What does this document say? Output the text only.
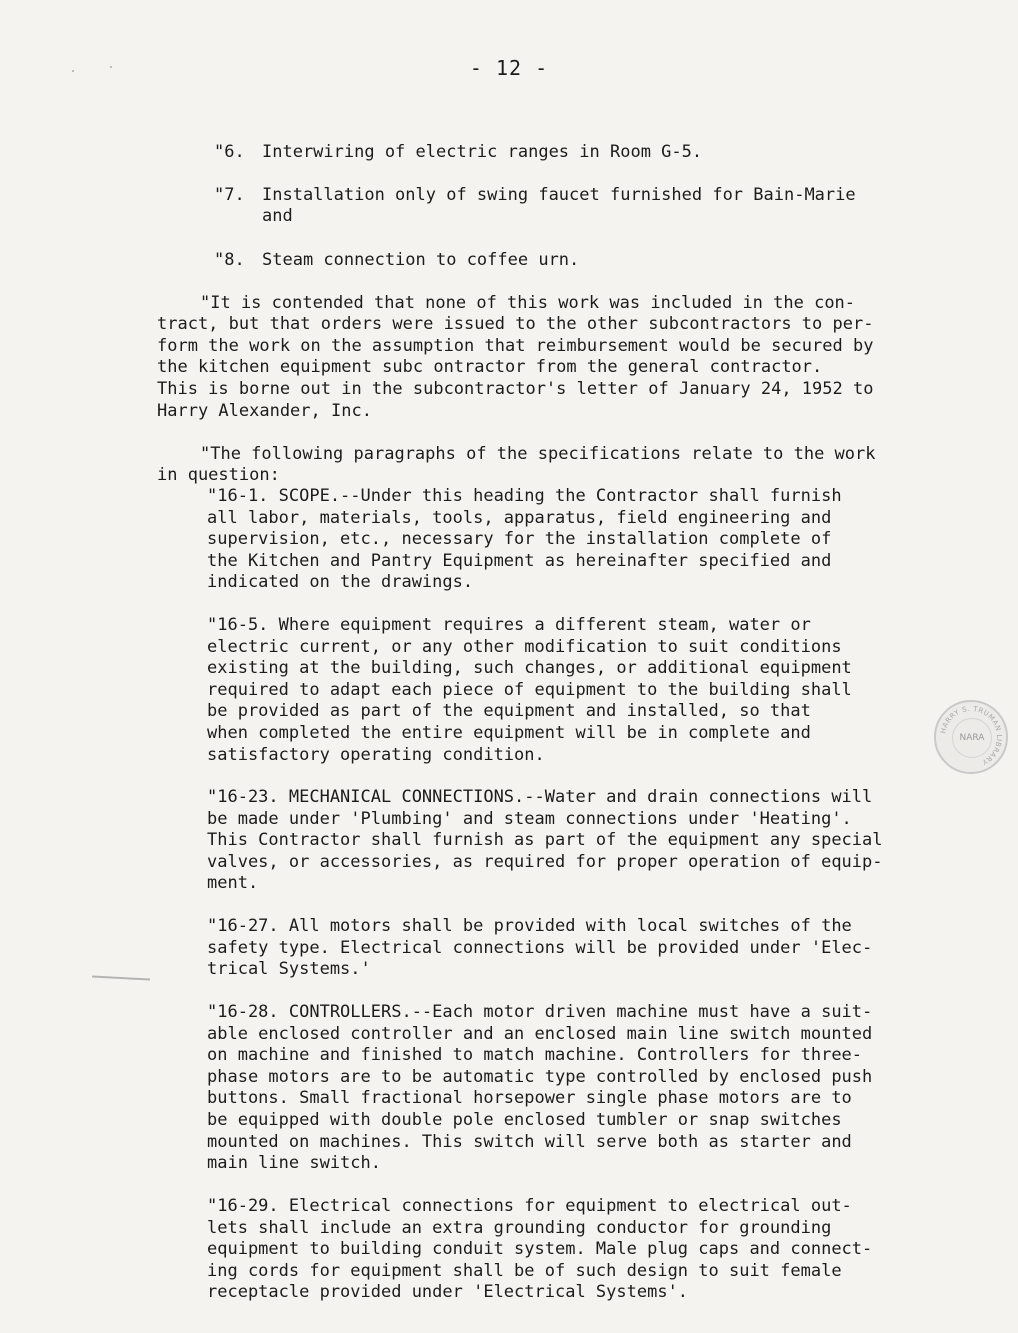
- 12 -

"6. Interwiring of electric ranges in Room G-5.

"7.	Installation only of swing faucet furnished for Bain-Marie
and

"8. Steam connection to coffee urn.

"It is contended that none of this work was included in the con-
tract, but that orders were issued to the other subcontractors to per-
form the work on the assumption that reimbursement would be secured by
the kitchen equipment subc ontractor from the general contractor.
This is borne out in the subcontractor's letter of January 24, 1952 to
Harry Alexander, Inc.

"The following paragraphs of the specifications relate to the work
in question:

"16-1. SCOPE.--Under this heading the Contractor shall furnish
all labor, materials, tools, apparatus, field engineering and
supervision, etc., necessary for the installation complete of
the Kitchen and Pantry Equipment as hereinafter specified and
indicated on the drawings.

"16-5. Where equipment requires a different steam, water or
electric current, or any other modification to suit conditions
existing at the building, such changes, or additional equipment
required to adapt each piece of equipment to the building shall
be provided as part of the equipment and installed, so that
when completed the entire equipment will be in complete and
satisfactory operating condition.

"16-23. MECHANICAL CONNECTIONS.--Water and drain connections will
be made under 'Plumbing' and steam connections under 'Heating'.
This Contractor shall furnish as part of the equipment any special
valves, or accessories, as required for proper operation of equip-
ment.

"16-27. All motors shall be provided with local switches of the
safety type. Electrical connections will be provided under 'Elec-
trical Systems.'

"16-28. CONTROLLERS.--Each motor driven machine must have a suit-
able enclosed controller and an enclosed main line switch mounted
on machine and finished to match machine. Controllers for three-
phase motors are to be automatic type controlled by enclosed push
buttons. Small fractional horsepower single phase motors are to
be equipped with double pole enclosed tumbler or snap switches
mounted on machines. This switch will serve both as starter and
main line switch.

"16-29. Electrical connections for equipment to electrical out-
lets shall include an extra grounding conductor for grounding
equipment to building conduit system. Male plug caps and connect-
ing cords for equipment shall be of such design to suit female
receptacle provided under 'Electrical Systems'.

HARRY S. TRUMAN LIBRARY
NARA
